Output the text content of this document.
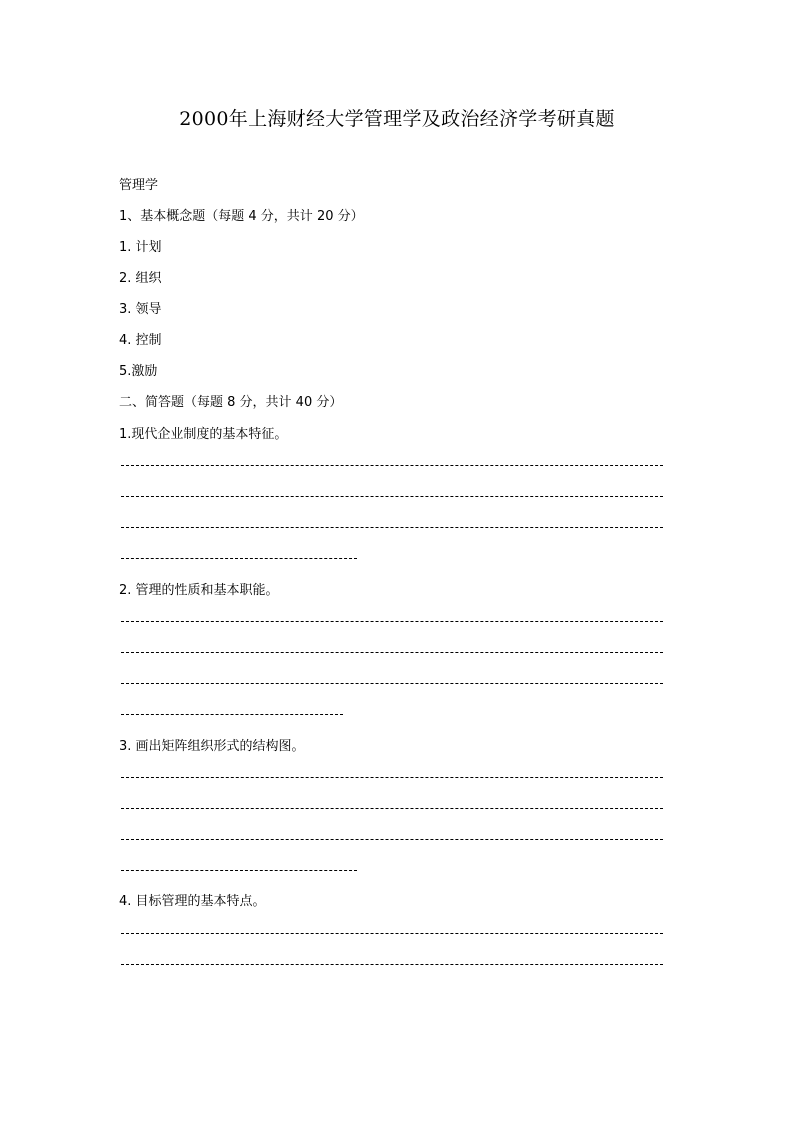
2000年上海财经大学管理学及政治经济学考研真题
管理学
1、基本概念题（每题 4 分，共计 20 分）
1. 计划
2. 组织
3. 领导
4. 控制
5.激励
二、简答题（每题 8 分，共计 40 分）
1.现代企业制度的基本特征。
2. 管理的性质和基本职能。
3. 画出矩阵组织形式的结构图。
4. 目标管理的基本特点。
